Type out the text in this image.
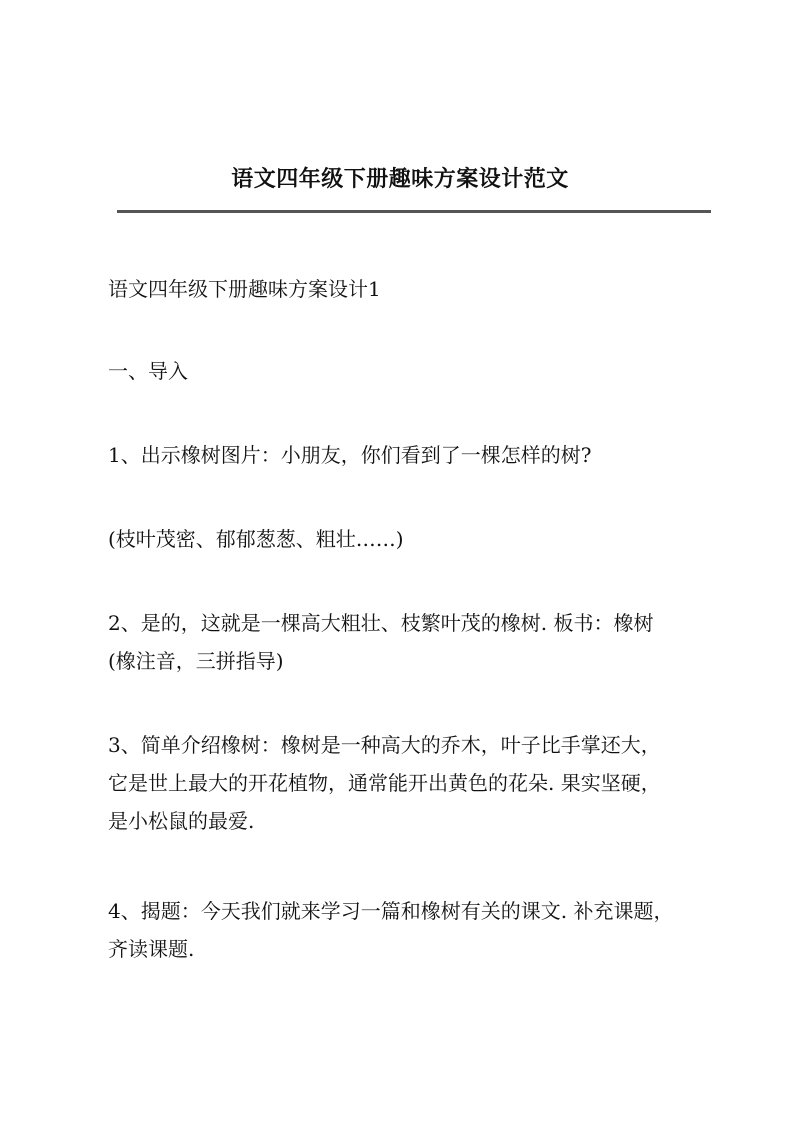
语文四年级下册趣味方案设计范文

语文四年级下册趣味方案设计1

一、导入

1、出示橡树图片：小朋友，你们看到了一棵怎样的树?

(枝叶茂密、郁郁葱葱、粗壮……)

2、是的，这就是一棵高大粗壮、枝繁叶茂的橡树. 板书：橡树
(橡注音，三拼指导)

3、简单介绍橡树：橡树是一种高大的乔木，叶子比手掌还大，
它是世上最大的开花植物，通常能开出黄色的花朵. 果实坚硬，
是小松鼠的最爱.

4、揭题：今天我们就来学习一篇和橡树有关的课文. 补充课题，
齐读课题.
